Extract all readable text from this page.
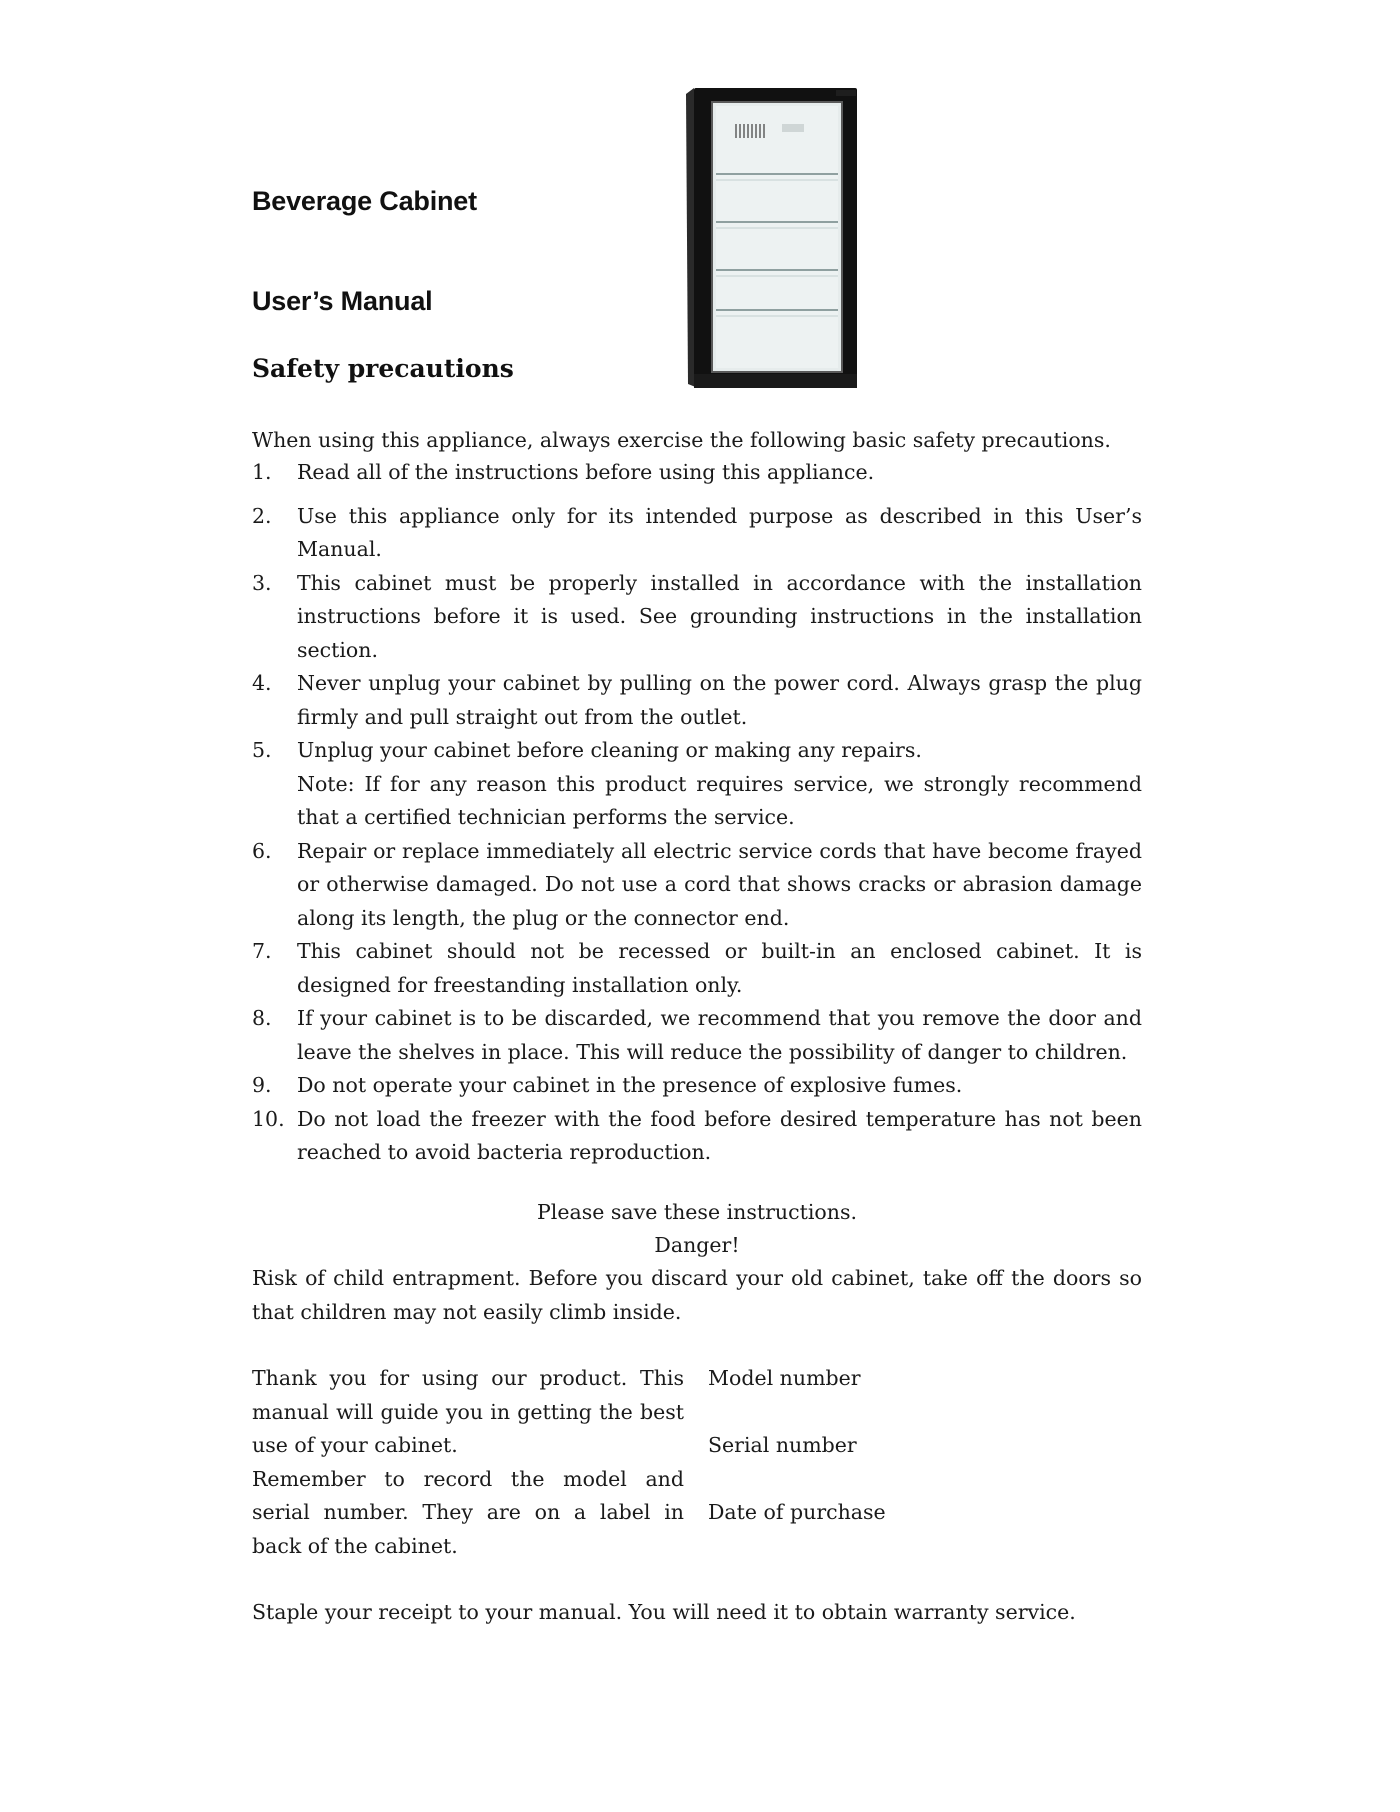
Beverage Cabinet
User’s Manual
Safety precautions

When using this appliance, always exercise the following basic safety precautions.

1. Read all of the instructions before using this appliance.
2. Use this appliance only for its intended purpose as described in this User’s Manual.
3. This cabinet must be properly installed in accordance with the installation instructions before it is used. See grounding instructions in the installation section.
4. Never unplug your cabinet by pulling on the power cord. Always grasp the plug firmly and pull straight out from the outlet.
5. Unplug your cabinet before cleaning or making any repairs.
Note: If for any reason this product requires service, we strongly recommend that a certified technician performs the service.
6. Repair or replace immediately all electric service cords that have become frayed or otherwise damaged. Do not use a cord that shows cracks or abrasion damage along its length, the plug or the connector end.
7. This cabinet should not be recessed or built-in an enclosed cabinet. It is designed for freestanding installation only.
8. If your cabinet is to be discarded, we recommend that you remove the door and leave the shelves in place. This will reduce the possibility of danger to children.
9. Do not operate your cabinet in the presence of explosive fumes.
10. Do not load the freezer with the food before desired temperature has not been reached to avoid bacteria reproduction.

Please save these instructions.

Danger!

Risk of child entrapment. Before you discard your old cabinet, take off the doors so that children may not easily climb inside.

Thank you for using our product. This manual will guide you in getting the best use of your cabinet.

Remember to record the model and serial number. They are on a label in back of the cabinet.

Model number
Serial number
Date of purchase

Staple your receipt to your manual. You will need it to obtain warranty service.
